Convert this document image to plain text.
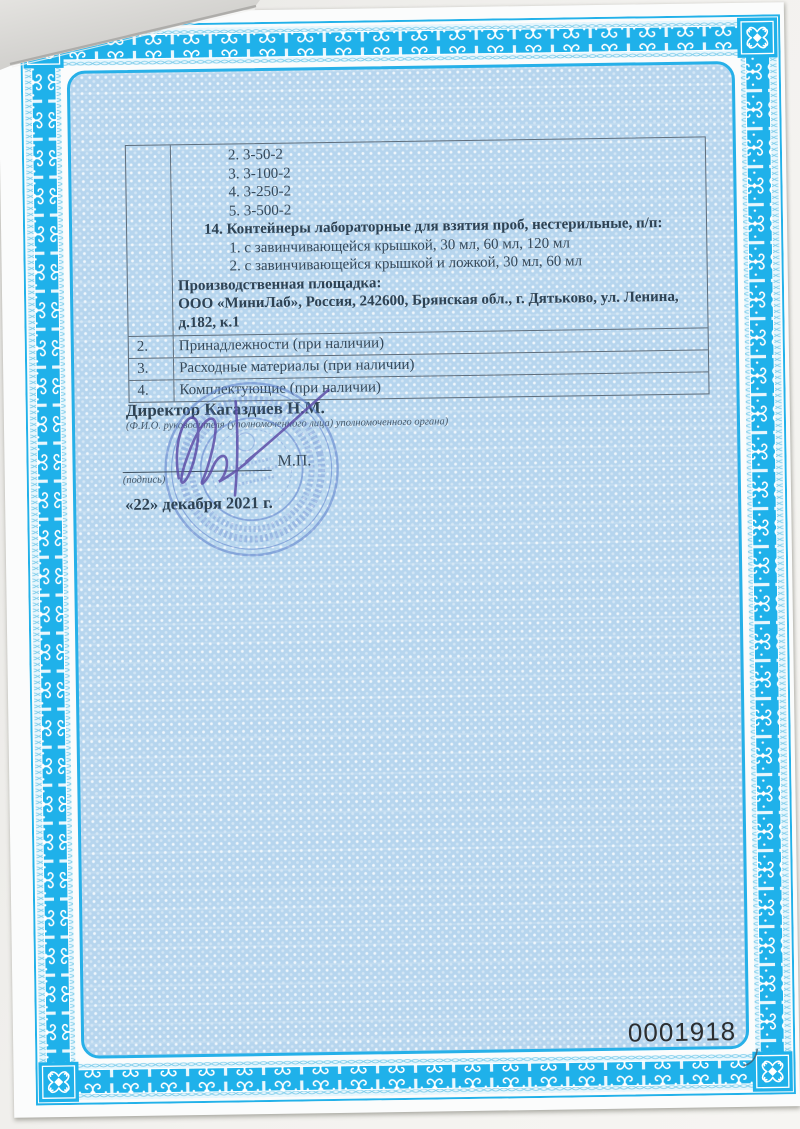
2. 3-50-2
3. 3-100-2
4. 3-250-2
5. 3-500-2
14. Контейнеры лабораторные для взятия проб, нестерильные, п/п:
1. с завинчивающейся крышкой, 30 мл, 60 мл, 120 мл
2. с завинчивающейся крышкой и ложкой, 30 мл, 60 мл
Производственная площадка:
ООО «МиниЛаб», Россия, 242600, Брянская обл., г. Дятьково, ул. Ленина, д.182, к.1
2.	Принадлежности (при наличии)
3.	Расходные материалы (при наличии)
4.	Комплектующие (при наличии)
Директор Кагаздиев Н.М.
(Ф.И.О. руководителя (уполномоченного лица) уполномоченного органа)
М.П.
(подпись)
«22» декабря 2021 г.
0001918
